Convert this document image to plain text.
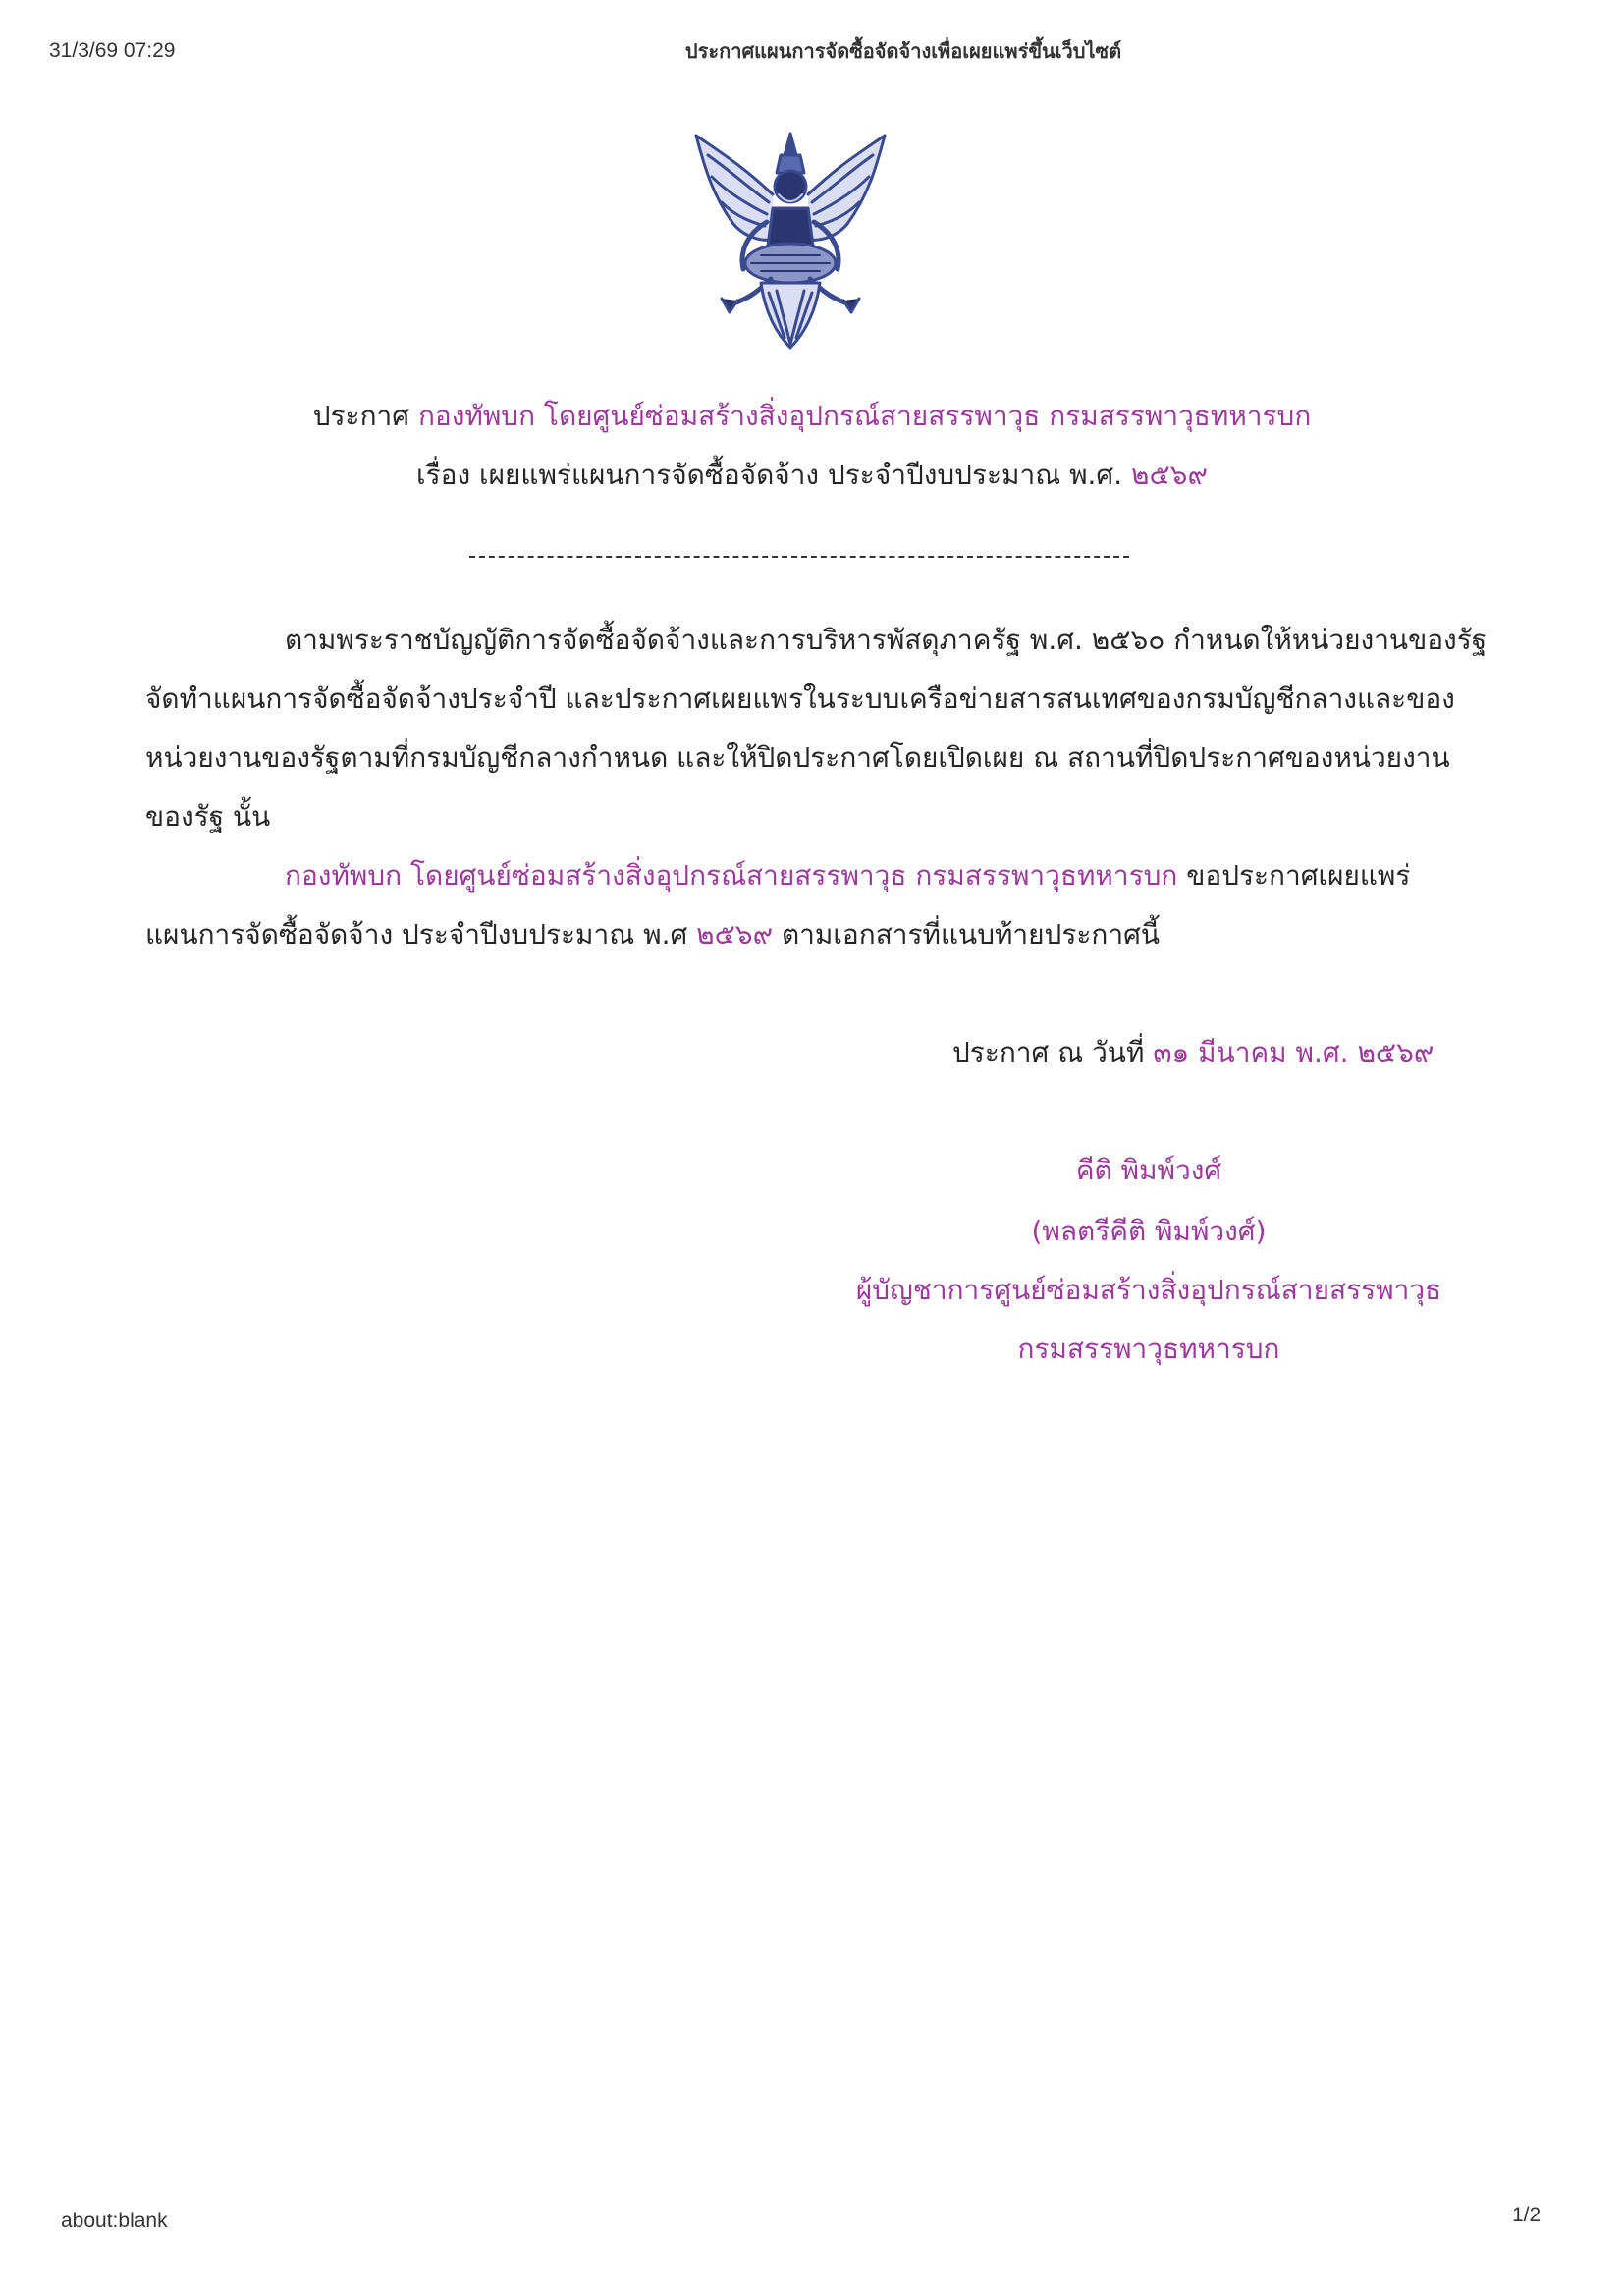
31/3/69 07:29	ประกาศแผนการจัดซื้อจัดจ้างเพื่อเผยแพร่ขึ้นเว็บไซต์
ประกาศ กองทัพบก โดยศูนย์ซ่อมสร้างสิ่งอุปกรณ์สายสรรพาวุธ กรมสรรพาวุธทหารบก
เรื่อง เผยแพร่แผนการจัดซื้อจัดจ้าง ประจำปีงบประมาณ พ.ศ. ๒๕๖๙
ตามพระราชบัญญัติการจัดซื้อจัดจ้างและการบริหารพัสดุภาครัฐ พ.ศ. ๒๕๖๐ กำหนดให้หน่วยงานของรัฐ
จัดทำแผนการจัดซื้อจัดจ้างประจำปี และประกาศเผยแพรในระบบเครือข่ายสารสนเทศของกรมบัญชีกลางและของ
หน่วยงานของรัฐตามที่กรมบัญชีกลางกำหนด และให้ปิดประกาศโดยเปิดเผย ณ สถานที่ปิดประกาศของหน่วยงาน
ของรัฐ นั้น
กองทัพบก โดยศูนย์ซ่อมสร้างสิ่งอุปกรณ์สายสรรพาวุธ กรมสรรพาวุธทหารบก ขอประกาศเผยแพร่
แผนการจัดซื้อจัดจ้าง ประจำปีงบประมาณ พ.ศ ๒๕๖๙ ตามเอกสารที่แนบท้ายประกาศนี้
ประกาศ ณ วันที่ ๓๑ มีนาคม พ.ศ. ๒๕๖๙
คีติ พิมพ์วงศ์
(พลตรีคีติ พิมพ์วงศ์)
ผู้บัญชาการศูนย์ซ่อมสร้างสิ่งอุปกรณ์สายสรรพาวุธ
กรมสรรพาวุธทหารบก
about:blank	1/2
